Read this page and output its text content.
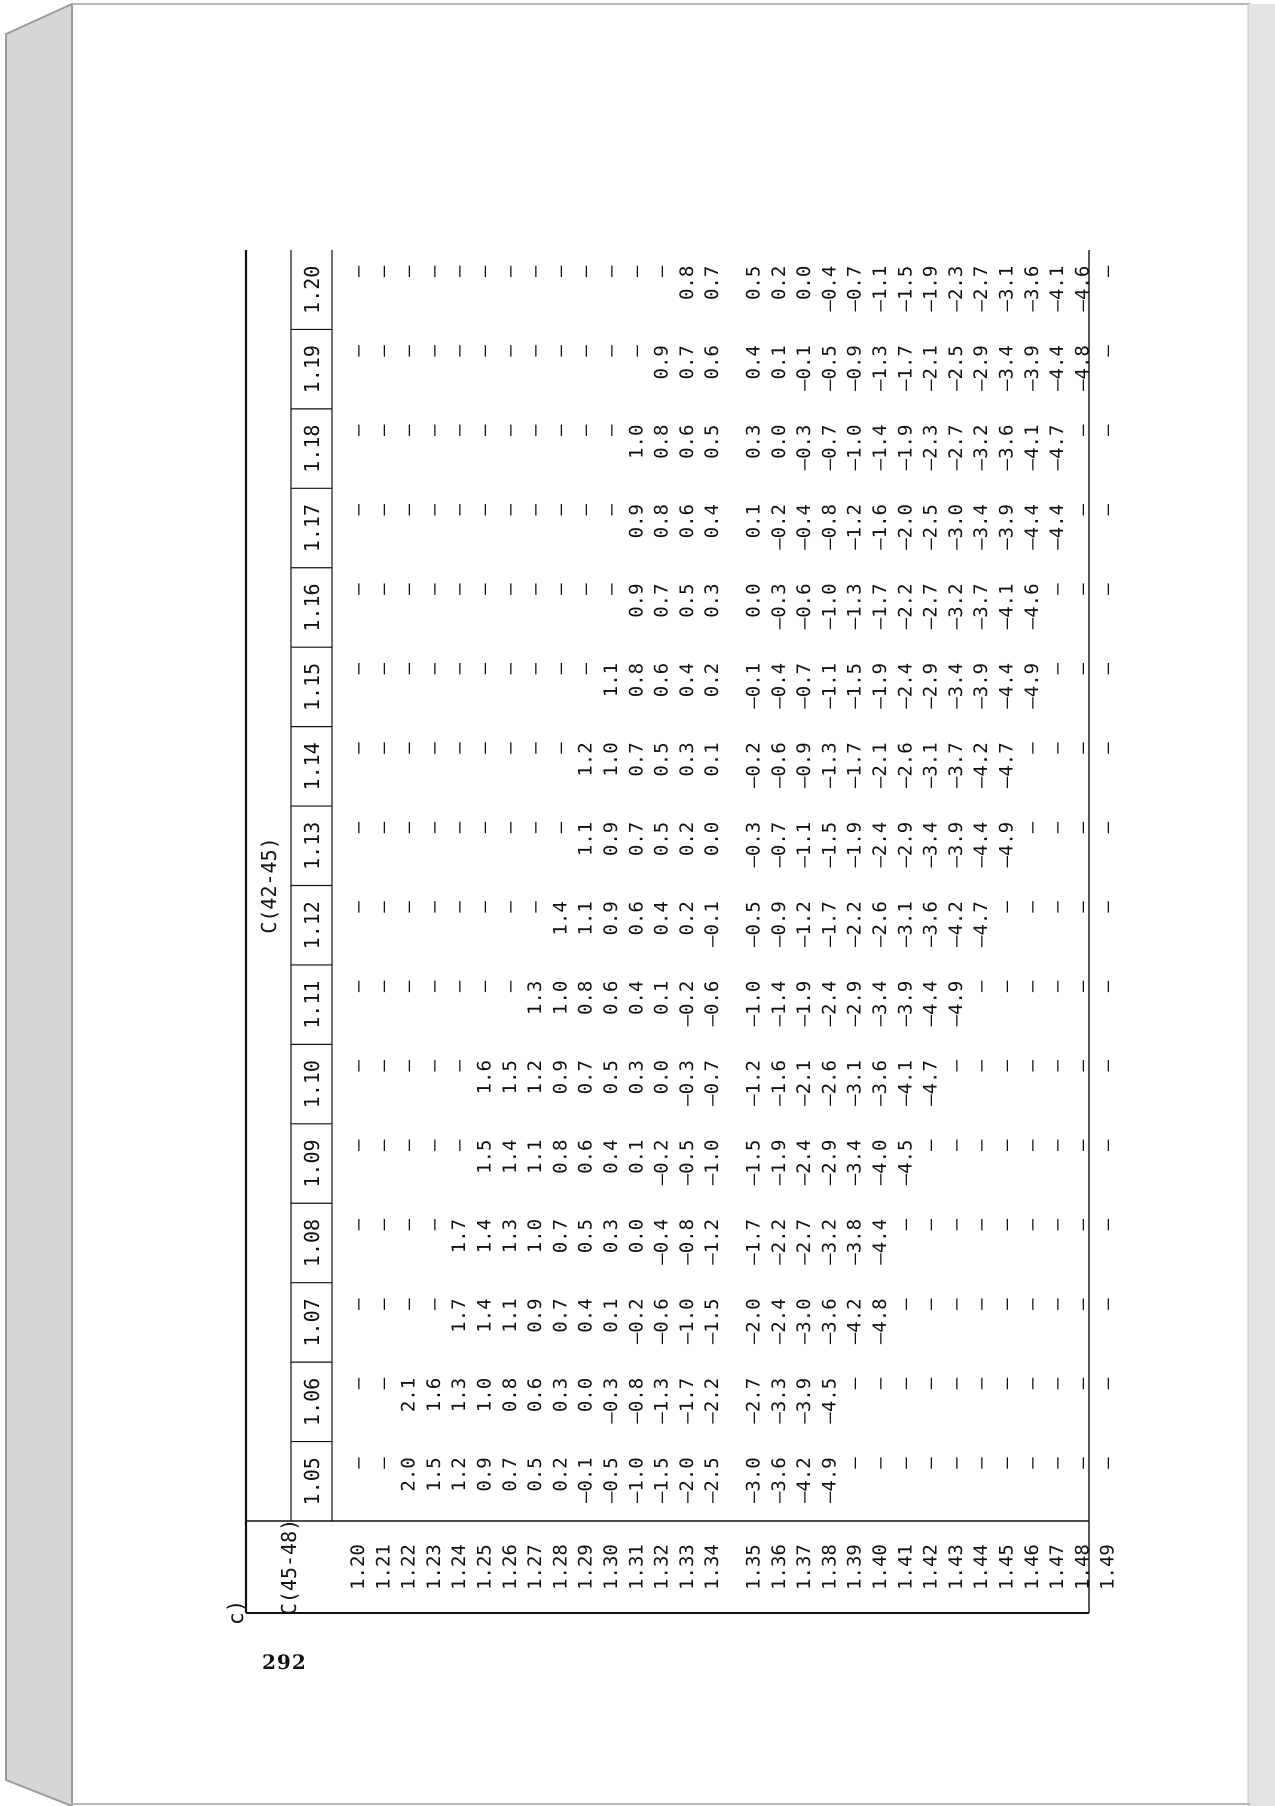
292
c) C(45-48)
C(42-45)
1.05
1.06
1.07
1.08
1.09
1.10
1.11
1.12
1.13
1.14
1.15
1.16
1.17
1.18
1.19
1.20
1.20
—
—
—
—
—
—
—
—
—
—
—
—
—
—
—
—
1.21
—
—
—
—
—
—
—
—
—
—
—
—
—
—
—
—
1.22
2.0
2.1
—
—
—
—
—
—
—
—
—
—
—
—
—
—
1.23
1.5
1.6
—
—
—
—
—
—
—
—
—
—
—
—
—
—
1.24
1.2
1.3
1.7
1.7
—
—
—
—
—
—
—
—
—
—
—
—
1.25
0.9
1.0
1.4
1.4
1.5
1.6
—
—
—
—
—
—
—
—
—
—
1.26
0.7
0.8
1.1
1.3
1.4
1.5
—
—
—
—
—
—
—
—
—
—
1.27
0.5
0.6
0.9
1.0
1.1
1.2
1.3
—
—
—
—
—
—
—
—
—
1.28
0.2
0.3
0.7
0.7
0.8
0.9
1.0
1.4
—
—
—
—
—
—
—
—
1.29
—0.1
0.0
0.4
0.5
0.6
0.7
0.8
1.1
1.1
1.2
—
—
—
—
—
—
1.30
—0.5
—0.3
0.1
0.3
0.4
0.5
0.6
0.9
0.9
1.0
1.1
—
—
—
—
—
1.31
—1.0
—0.8
—0.2
0.0
0.1
0.3
0.4
0.6
0.7
0.7
0.8
0.9
0.9
1.0
—
—
1.32
—1.5
—1.3
—0.6
—0.4
—0.2
0.0
0.1
0.4
0.5
0.5
0.6
0.7
0.8
0.8
0.9
—
1.33
—2.0
—1.7
—1.0
—0.8
—0.5
—0.3
—0.2
0.2
0.2
0.3
0.4
0.5
0.6
0.6
0.7
0.8
1.34
—2.5
—2.2
—1.5
—1.2
—1.0
—0.7
—0.6
—0.1
0.0
0.1
0.2
0.3
0.4
0.5
0.6
0.7
1.35
—3.0
—2.7
—2.0
—1.7
—1.5
—1.2
—1.0
—0.5
—0.3
—0.2
—0.1
0.0
0.1
0.3
0.4
0.5
1.36
—3.6
—3.3
—2.4
—2.2
—1.9
—1.6
—1.4
—0.9
—0.7
—0.6
—0.4
—0.3
—0.2
0.0
0.1
0.2
1.37
—4.2
—3.9
—3.0
—2.7
—2.4
—2.1
—1.9
—1.2
—1.1
—0.9
—0.7
—0.6
—0.4
—0.3
—0.1
0.0
1.38
—4.9
—4.5
—3.6
—3.2
—2.9
—2.6
—2.4
—1.7
—1.5
—1.3
—1.1
—1.0
—0.8
—0.7
—0.5
—0.4
1.39
—
—
—4.2
—3.8
—3.4
—3.1
—2.9
—2.2
—1.9
—1.7
—1.5
—1.3
—1.2
—1.0
—0.9
—0.7
1.40
—
—
—4.8
—4.4
—4.0
—3.6
—3.4
—2.6
—2.4
—2.1
—1.9
—1.7
—1.6
—1.4
—1.3
—1.1
1.41
—
—
—
—
—4.5
—4.1
—3.9
—3.1
—2.9
—2.6
—2.4
—2.2
—2.0
—1.9
—1.7
—1.5
1.42
—
—
—
—
—
—4.7
—4.4
—3.6
—3.4
—3.1
—2.9
—2.7
—2.5
—2.3
—2.1
—1.9
1.43
—
—
—
—
—
—
—4.9
—4.2
—3.9
—3.7
—3.4
—3.2
—3.0
—2.7
—2.5
—2.3
1.44
—
—
—
—
—
—
—
—4.7
—4.4
—4.2
—3.9
—3.7
—3.4
—3.2
—2.9
—2.7
1.45
—
—
—
—
—
—
—
—
—4.9
—4.7
—4.4
—4.1
—3.9
—3.6
—3.4
—3.1
1.46
—
—
—
—
—
—
—
—
—
—
—4.9
—4.6
—4.4
—4.1
—3.9
—3.6
1.47
—
—
—
—
—
—
—
—
—
—
—
—
—4.4
—4.7
—4.4
—4.1
1.48
—
—
—
—
—
—
—
—
—
—
—
—
—
—
—4.8
—4.6
1.49
—
—
—
—
—
—
—
—
—
—
—
—
—
—
—
—
